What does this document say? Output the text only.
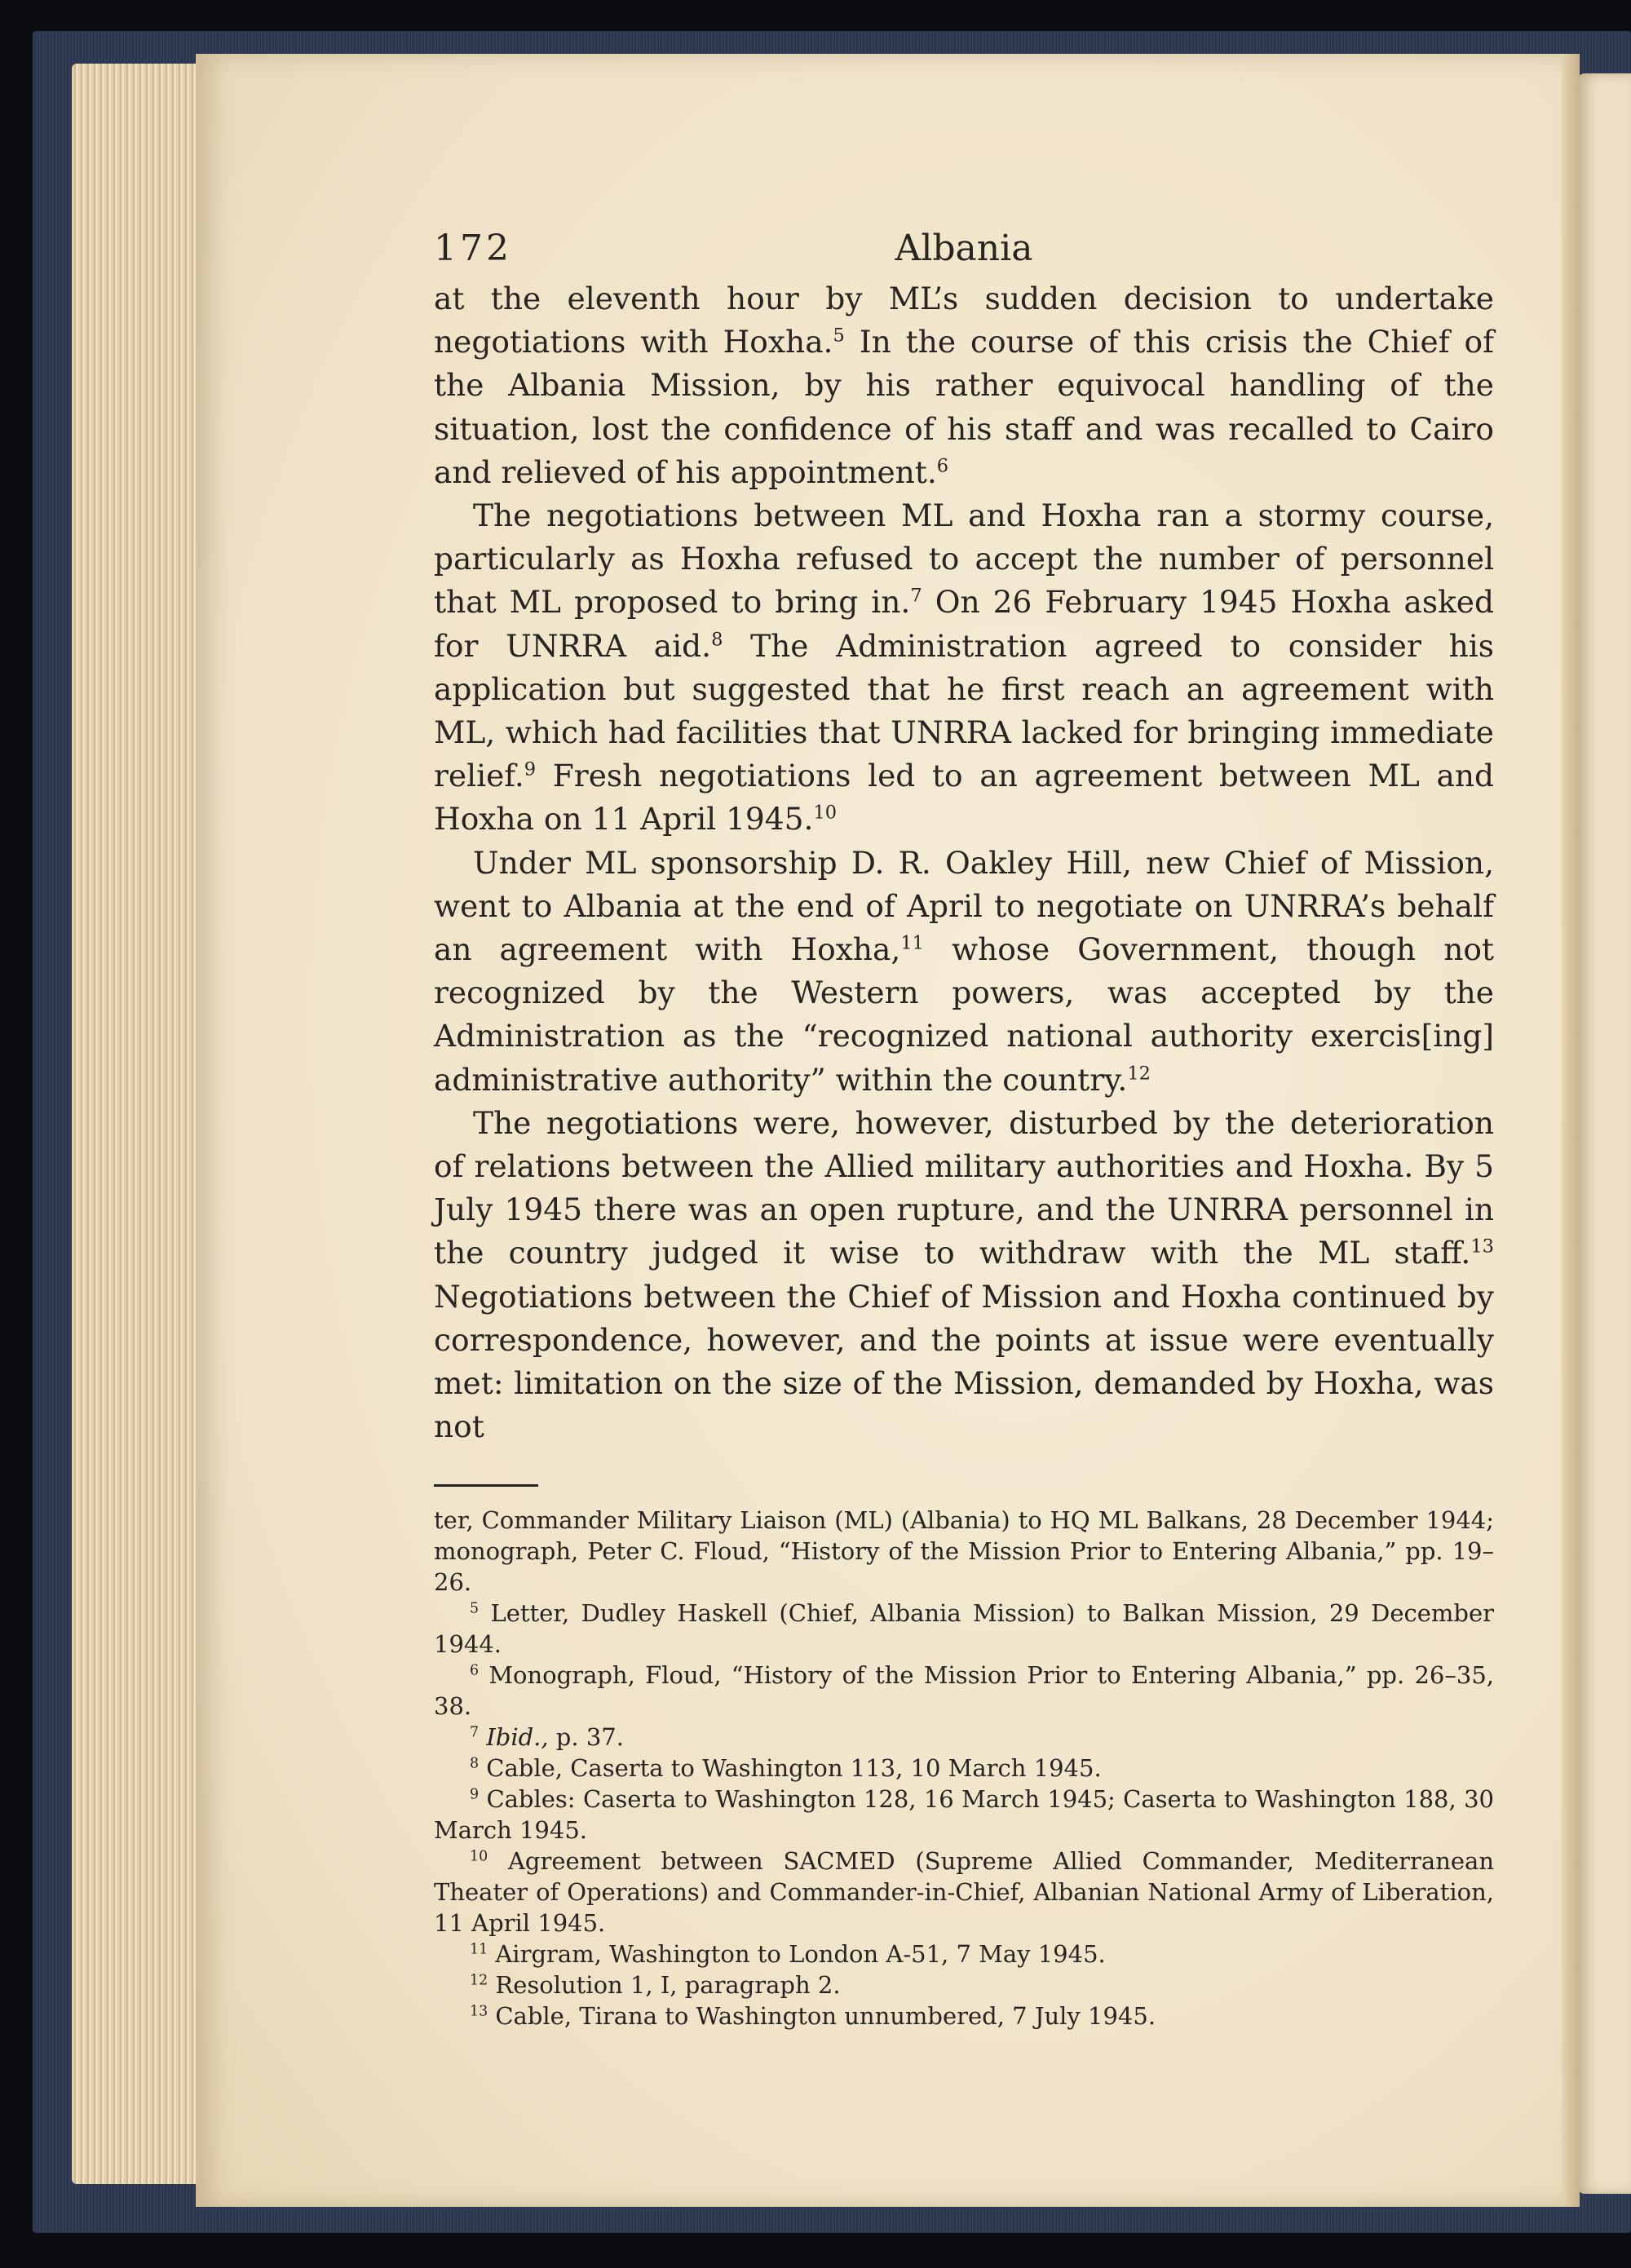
172	Albania

at the eleventh hour by ML’s sudden decision to undertake negotiations with Hoxha.$^5$ In the course of this crisis the Chief of the Albania Mission, by his rather equivocal handling of the situation, lost the confidence of his staff and was recalled to Cairo and relieved of his appointment.$^6$

The negotiations between ML and Hoxha ran a stormy course, particularly as Hoxha refused to accept the number of personnel that ML proposed to bring in.$^7$ On 26 February 1945 Hoxha asked for UNRRA aid.$^8$ The Administration agreed to consider his application but suggested that he first reach an agreement with ML, which had facilities that UNRRA lacked for bringing immediate relief.$^9$ Fresh negotiations led to an agreement between ML and Hoxha on 11 April 1945.10

Under ML sponsorship D. R. Oakley Hill, new Chief of Mission, went to Albania at the end of April to negotiate on UNRRA’s behalf an agreement with Hoxha,$^{11}$ whose Government, though not recognized by the Western powers, was accepted by the Administration as the “recognized national authority exercis[ing] administrative authority” within the country.$^{12}$

The negotiations were, however, disturbed by the deterioration of relations between the Allied military authorities and Hoxha. By 5 July 1945 there was an open rupture, and the UNRRA personnel in the country judged it wise to withdraw with the ML staff.$^{13}$ Negotiations between the Chief of Mission and Hoxha continued by correspondence, however, and the points at issue were eventually met: limitation on the size of the Mission, demanded by Hoxha, was not

ter, Commander Military Liaison (ML) (Albania) to HQ ML Balkans, 28 December 1944; monograph, Peter C. Floud, “History of the Mission Prior to Entering Albania,” pp. 19–26.

$^5$ Letter, Dudley Haskell (Chief, Albania Mission) to Balkan Mission, 29 December 1944.

$^6$ Monograph, Floud, “History of the Mission Prior to Entering Albania,” pp. 26–35, 38.

$^7$ Ibid., p. 37.

$^8$ Cable, Caserta to Washington 113, 10 March 1945.

$^9$ Cables: Caserta to Washington 128, 16 March 1945; Caserta to Washington 188, 30 March 1945.

$^{10}$ Agreement between SACMED (Supreme Allied Commander, Mediterranean Theater of Operations) and Commander-in-Chief, Albanian National Army of Liberation, 11 April 1945.

$^{11}$ Airgram, Washington to London A-51, 7 May 1945.

$^{12}$ Resolution 1, I, paragraph 2.

$^{13}$ Cable, Tirana to Washington unnumbered, 7 July 1945.
